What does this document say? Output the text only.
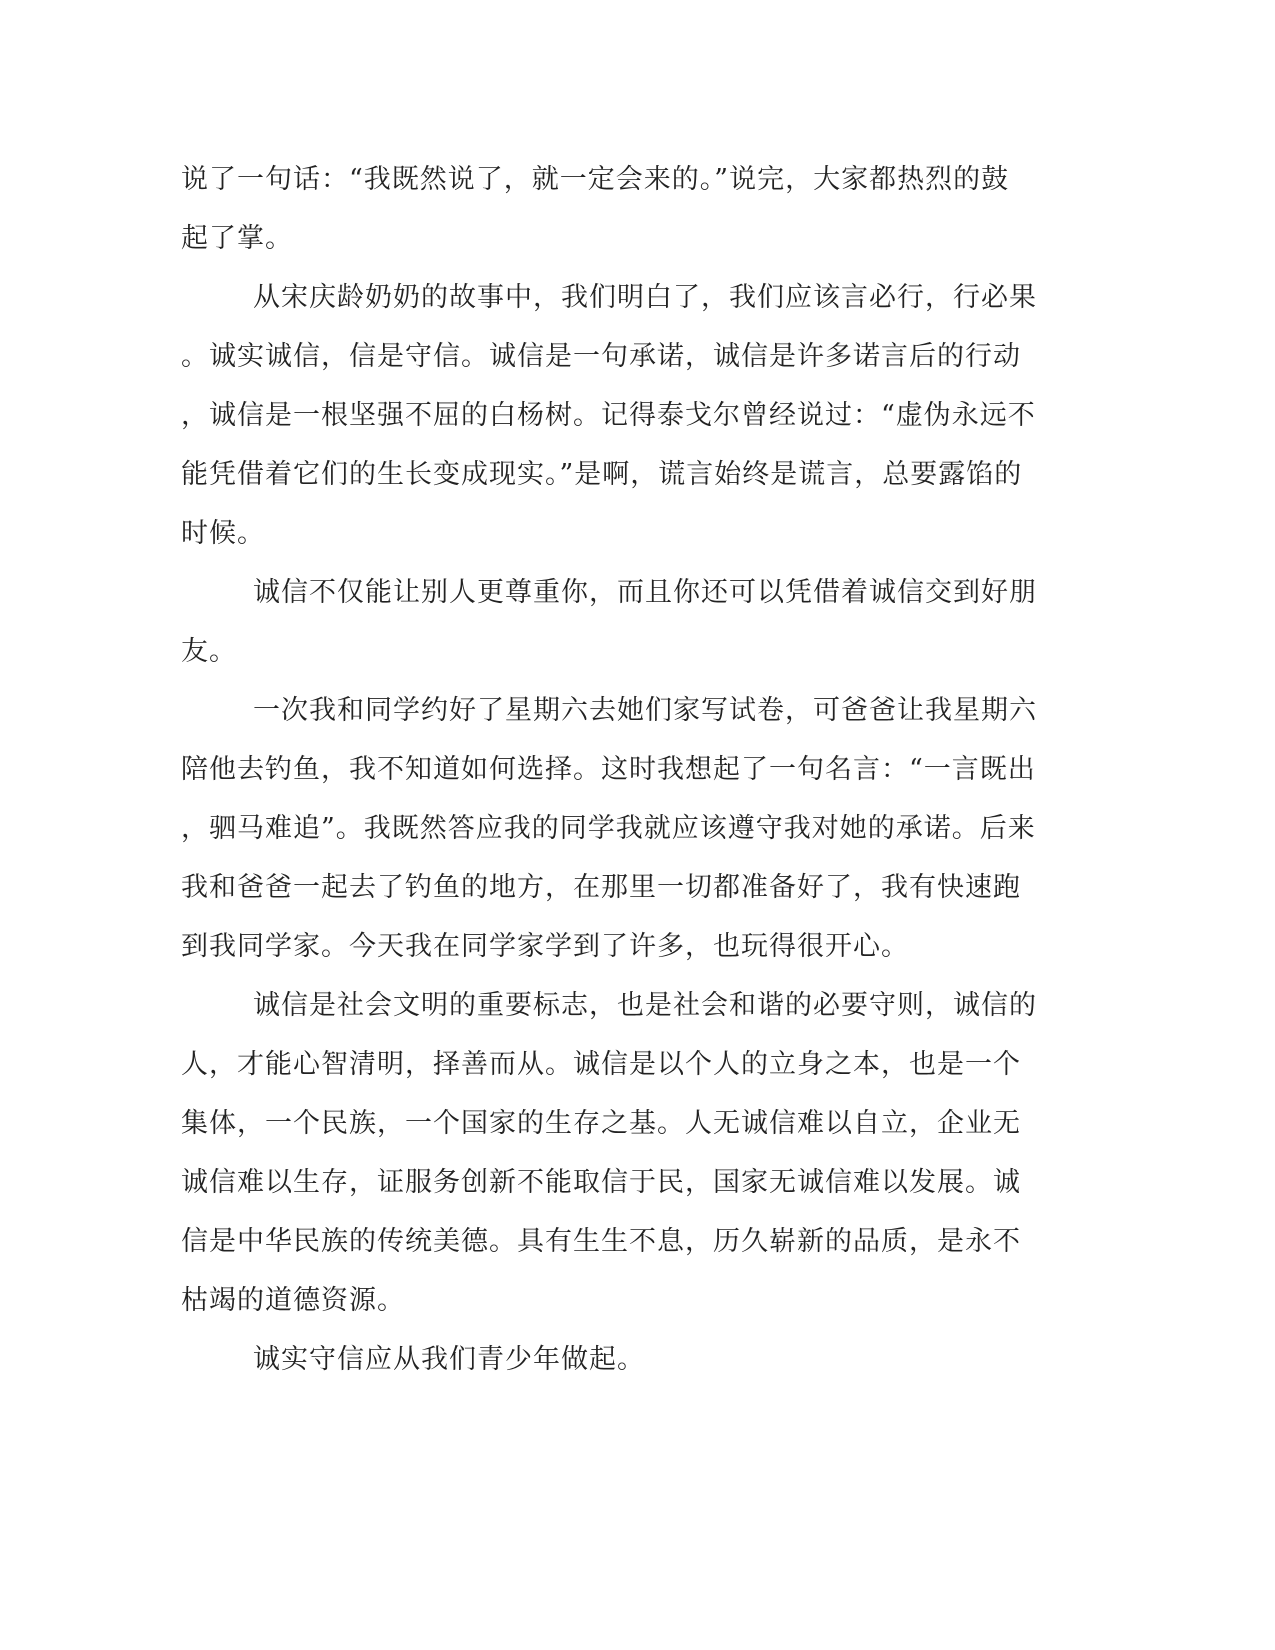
说了一句话：“我既然说了，就一定会来的。”说完，大家都热烈的鼓
起了掌。
从宋庆龄奶奶的故事中，我们明白了，我们应该言必行，行必果
。诚实诚信，信是守信。诚信是一句承诺，诚信是许多诺言后的行动
，诚信是一根坚强不屈的白杨树。记得泰戈尔曾经说过：“虚伪永远不
能凭借着它们的生长变成现实。”是啊，谎言始终是谎言，总要露馅的
时候。
诚信不仅能让别人更尊重你，而且你还可以凭借着诚信交到好朋
友。
一次我和同学约好了星期六去她们家写试卷，可爸爸让我星期六
陪他去钓鱼，我不知道如何选择。这时我想起了一句名言：“一言既出
，驷马难追”。我既然答应我的同学我就应该遵守我对她的承诺。后来
我和爸爸一起去了钓鱼的地方，在那里一切都准备好了，我有快速跑
到我同学家。今天我在同学家学到了许多，也玩得很开心。
诚信是社会文明的重要标志，也是社会和谐的必要守则，诚信的
人，才能心智清明，择善而从。诚信是以个人的立身之本，也是一个
集体，一个民族，一个国家的生存之基。人无诚信难以自立，企业无
诚信难以生存，证服务创新不能取信于民，国家无诚信难以发展。诚
信是中华民族的传统美德。具有生生不息，历久崭新的品质，是永不
枯竭的道德资源。
诚实守信应从我们青少年做起。
